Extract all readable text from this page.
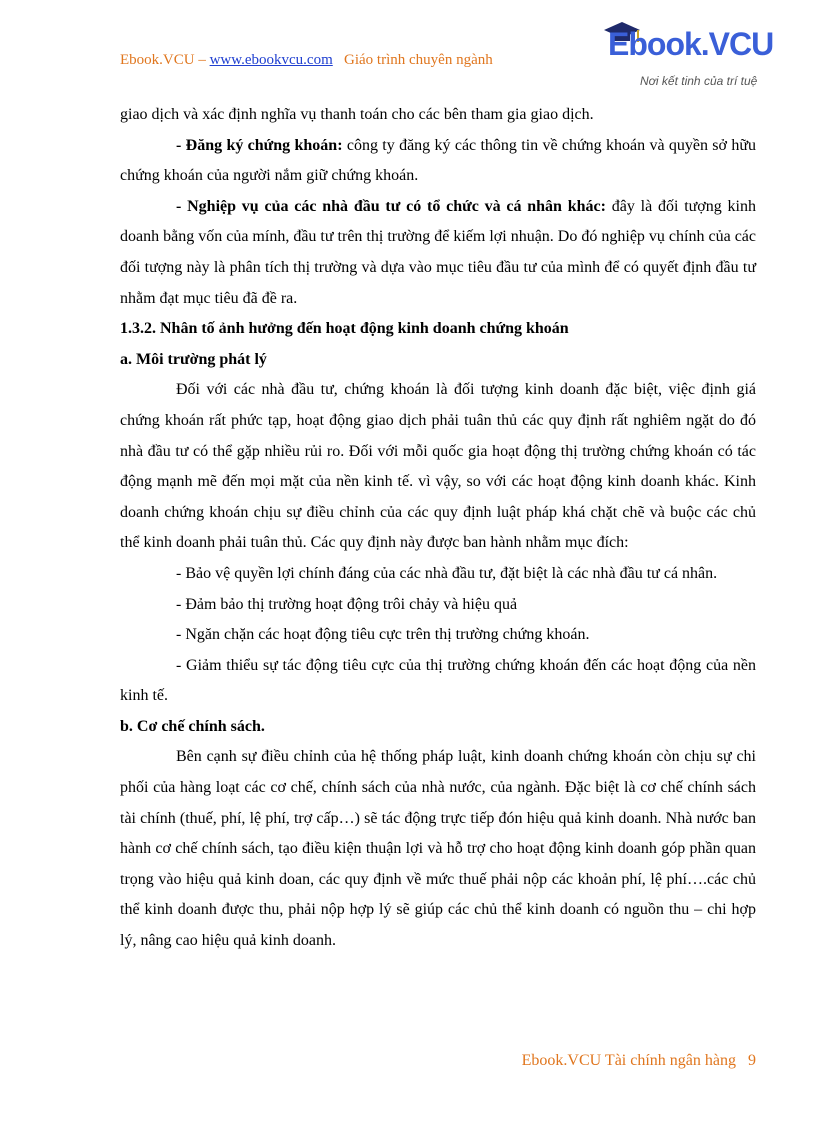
Ebook.VCU – www.ebookvcu.com Giáo trình chuyên ngành	Ebook.VCU
Nơi kết tinh của trí tuệ

giao dịch và xác định nghĩa vụ thanh toán cho các bên tham gia giao dịch.

- Đăng ký chứng khoán: công ty đăng ký các thông tin về chứng khoán và quyền sở hữu chứng khoán của người nắm giữ chứng khoán.

- Nghiệp vụ của các nhà đầu tư có tổ chức và cá nhân khác: đây là đối tượng kinh doanh bằng vốn của mính, đầu tư trên thị trường để kiếm lợi nhuận. Do đó nghiệp vụ chính của các đối tượng này là phân tích thị trường và dựa vào mục tiêu đầu tư của mình để có quyết định đầu tư nhằm đạt mục tiêu đã đề ra.

1.3.2. Nhân tố ảnh hưởng đến hoạt động kinh doanh chứng khoán

a. Môi trường phát lý

Đối với các nhà đầu tư, chứng khoán là đối tượng kinh doanh đặc biệt, việc định giá chứng khoán rất phức tạp, hoạt động giao dịch phải tuân thủ các quy định rất nghiêm ngặt do đó nhà đầu tư có thể gặp nhiều rủi ro. Đối với mỗi quốc gia hoạt động thị trường chứng khoán có tác động mạnh mẽ đến mọi mặt của nền kinh tế. vì vậy, so với các hoạt động kinh doanh khác. Kinh doanh chứng khoán chịu sự điều chỉnh của các quy định luật pháp khá chặt chẽ và buộc các chủ thể kinh doanh phải tuân thủ. Các quy định này được ban hành nhằm mục đích:

- Bảo vệ quyền lợi chính đáng của các nhà đầu tư, đặt biệt là các nhà đầu tư cá nhân.

- Đảm bảo thị trường hoạt động trôi chảy và hiệu quả

- Ngăn chặn các hoạt động tiêu cực trên thị trường chứng khoán.

- Giảm thiểu sự tác động tiêu cực của thị trường chứng khoán đến các hoạt động của nền kinh tế.

b. Cơ chế chính sách.

Bên cạnh sự điều chỉnh của hệ thống pháp luật, kinh doanh chứng khoán còn chịu sự chi phối của hàng loạt các cơ chế, chính sách của nhà nước, của ngành. Đặc biệt là cơ chế chính sách tài chính (thuế, phí, lệ phí, trợ cấp…) sẽ tác động trực tiếp đón hiệu quả kinh doanh. Nhà nước ban hành cơ chế chính sách, tạo điều kiện thuận lợi và hỗ trợ cho hoạt động kinh doanh góp phần quan trọng vào hiệu quả kinh doan, các quy định về mức thuế phải nộp các khoản phí, lệ phí….các chủ thể kinh doanh được thu, phải nộp hợp lý sẽ giúp các chủ thể kinh doanh có nguồn thu – chi hợp lý, nâng cao hiệu quả kinh doanh.

Ebook.VCU Tài chính ngân hàng 9
